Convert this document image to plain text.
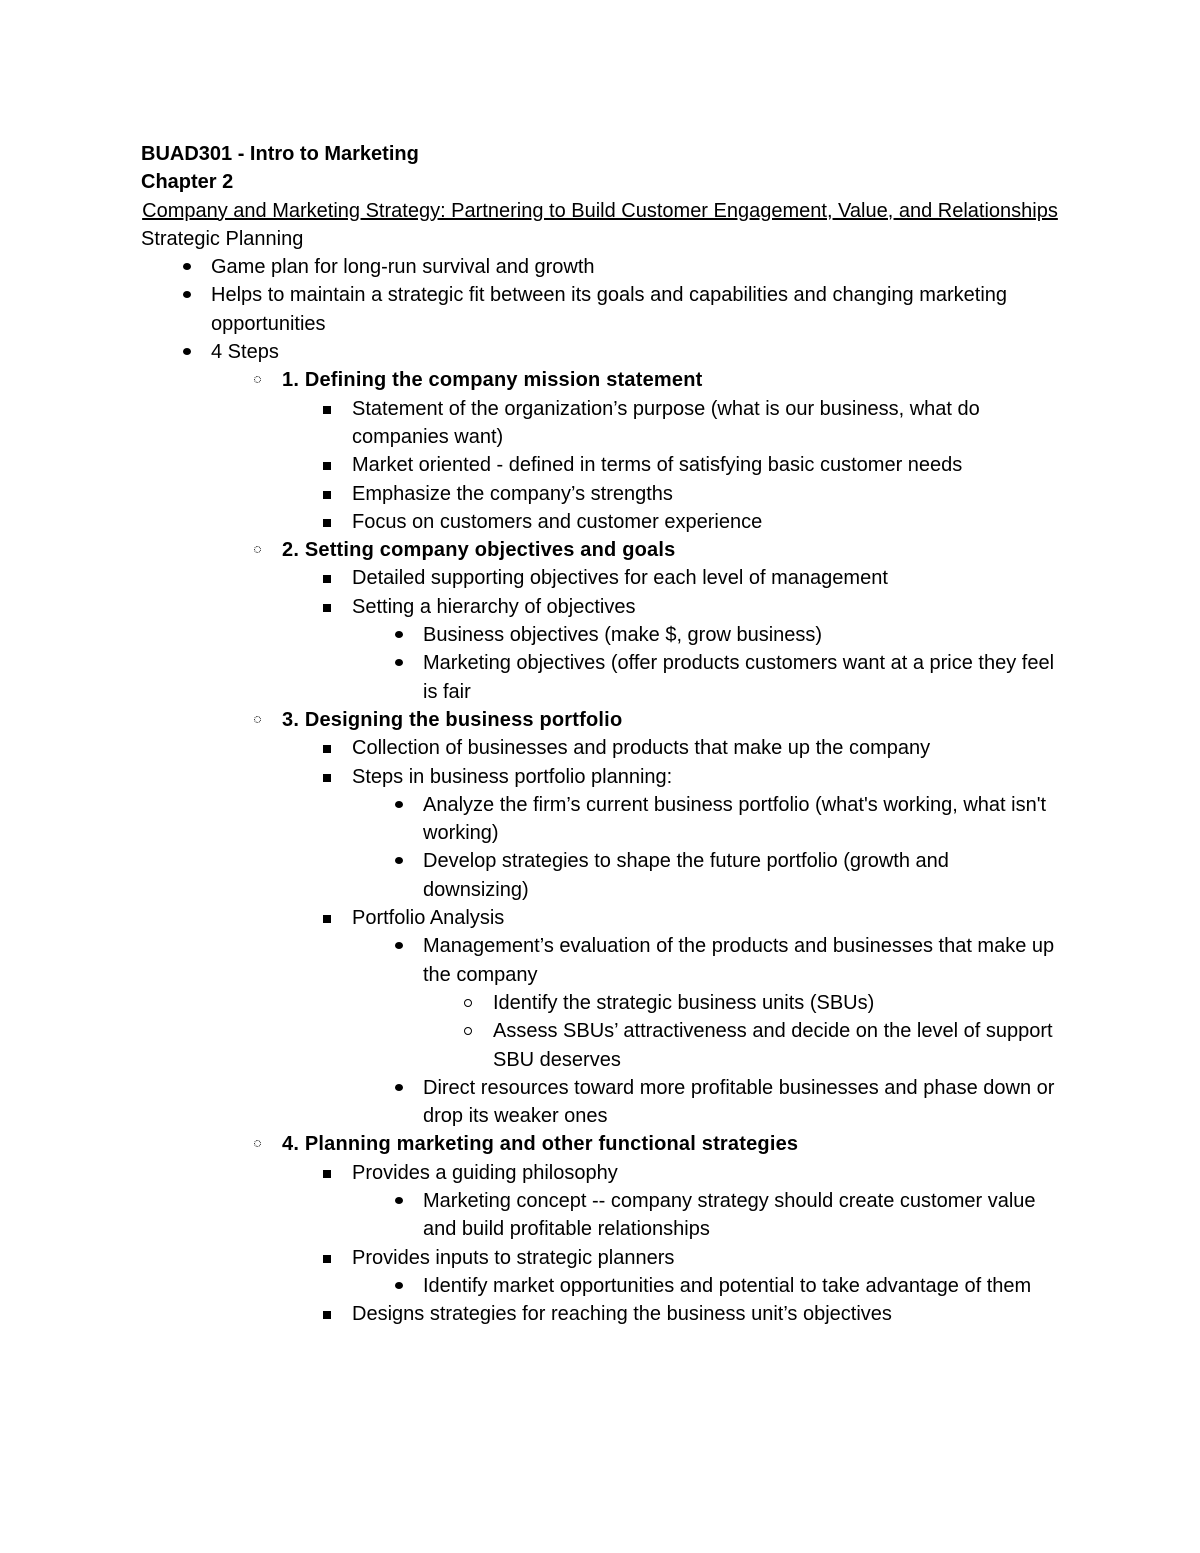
BUAD301 - Intro to Marketing

Chapter 2

Company and Marketing Strategy: Partnering to Build Customer Engagement, Value, and Relationships

Strategic Planning

Game plan for long-run survival and growth
Helps to maintain a strategic fit between its goals and capabilities and changing marketing opportunities
4 Steps
1. Defining the company mission statement
Statement of the organization’s purpose (what is our business, what do companies want)
Market oriented - defined in terms of satisfying basic customer needs
Emphasize the company’s strengths
Focus on customers and customer experience
2. Setting company objectives and goals
Detailed supporting objectives for each level of management
Setting a hierarchy of objectives
Business objectives (make $, grow business)
Marketing objectives (offer products customers want at a price they feel is fair
3. Designing the business portfolio
Collection of businesses and products that make up the company
Steps in business portfolio planning:
Analyze the firm’s current business portfolio (what's working, what isn't working)
Develop strategies to shape the future portfolio (growth and downsizing)
Portfolio Analysis
Management’s evaluation of the products and businesses that make up the company
Identify the strategic business units (SBUs)
Assess SBUs’ attractiveness and decide on the level of support SBU deserves
Direct resources toward more profitable businesses and phase down or drop its weaker ones
4. Planning marketing and other functional strategies
Provides a guiding philosophy
Marketing concept -- company strategy should create customer value and build profitable relationships
Provides inputs to strategic planners
Identify market opportunities and potential to take advantage of them
Designs strategies for reaching the business unit’s objectives
